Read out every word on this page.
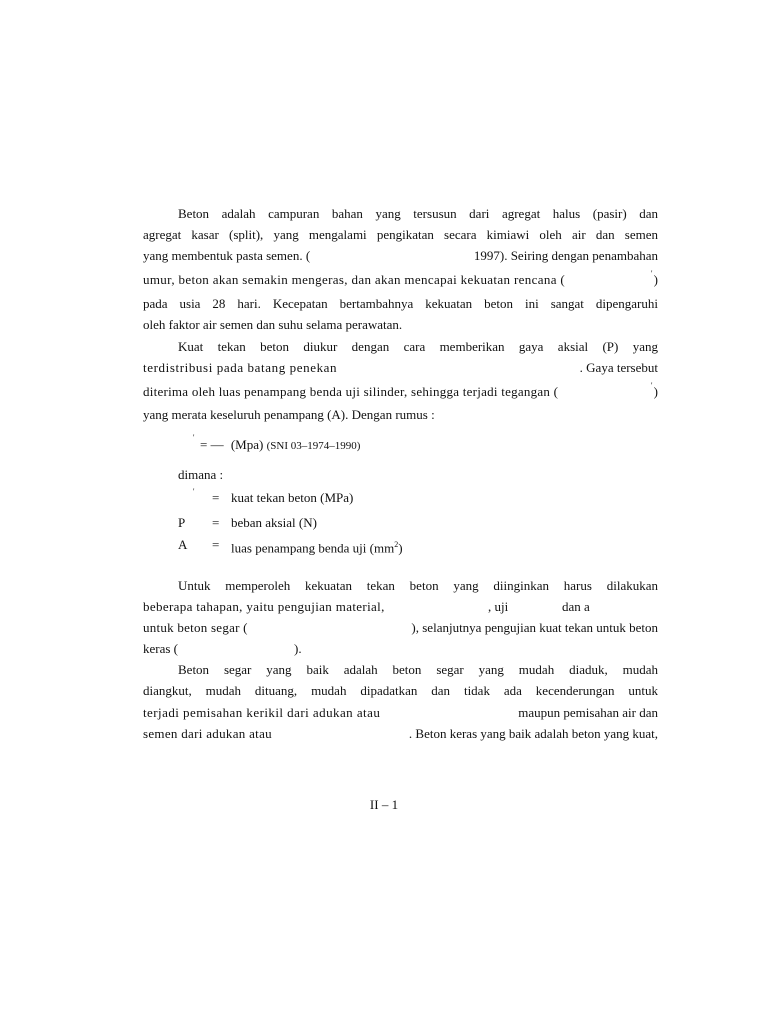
Beton adalah campuran bahan yang tersusun dari agregat halus (pasir) dan
agregat kasar (split), yang mengalami pengikatan secara kimiawi oleh air dan semen
yang membentuk pasta semen. (	1997). Seiring dengan penambahan
umur, beton akan semakin mengeras, dan akan mencapai kekuatan rencana (	)
'
pada usia 28 hari. Kecepatan bertambahnya kekuatan beton ini sangat dipengaruhi
oleh faktor air semen dan suhu selama perawatan.
Kuat tekan beton diukur dengan cara memberikan gaya aksial (P) yang
terdistribusi pada batang penekan	. Gaya tersebut
diterima oleh luas penampang benda uji silinder, sehingga terjadi tegangan (	)
'
yang merata keseluruh penampang (A). Dengan rumus :
' = — (Mpa) (SNI 03–1974–1990)
dimana :
' = kuat tekan beton (MPa)
P = beban aksial (N)
A = luas penampang benda uji $(mm^2)$
Untuk memperoleh kekuatan tekan beton yang diinginkan harus dilakukan
beberapa tahapan, yaitu pengujian material,	, uji	dan a
untuk beton segar (	), selanjutnya pengujian kuat tekan untuk beton
keras (	).
Beton segar yang baik adalah beton segar yang mudah diaduk, mudah
diangkut, mudah dituang, mudah dipadatkan dan tidak ada kecenderungan untuk
terjadi pemisahan kerikil dari adukan atau	maupun pemisahan air dan
semen dari adukan atau	. Beton keras yang baik adalah beton yang kuat,
II – 1
